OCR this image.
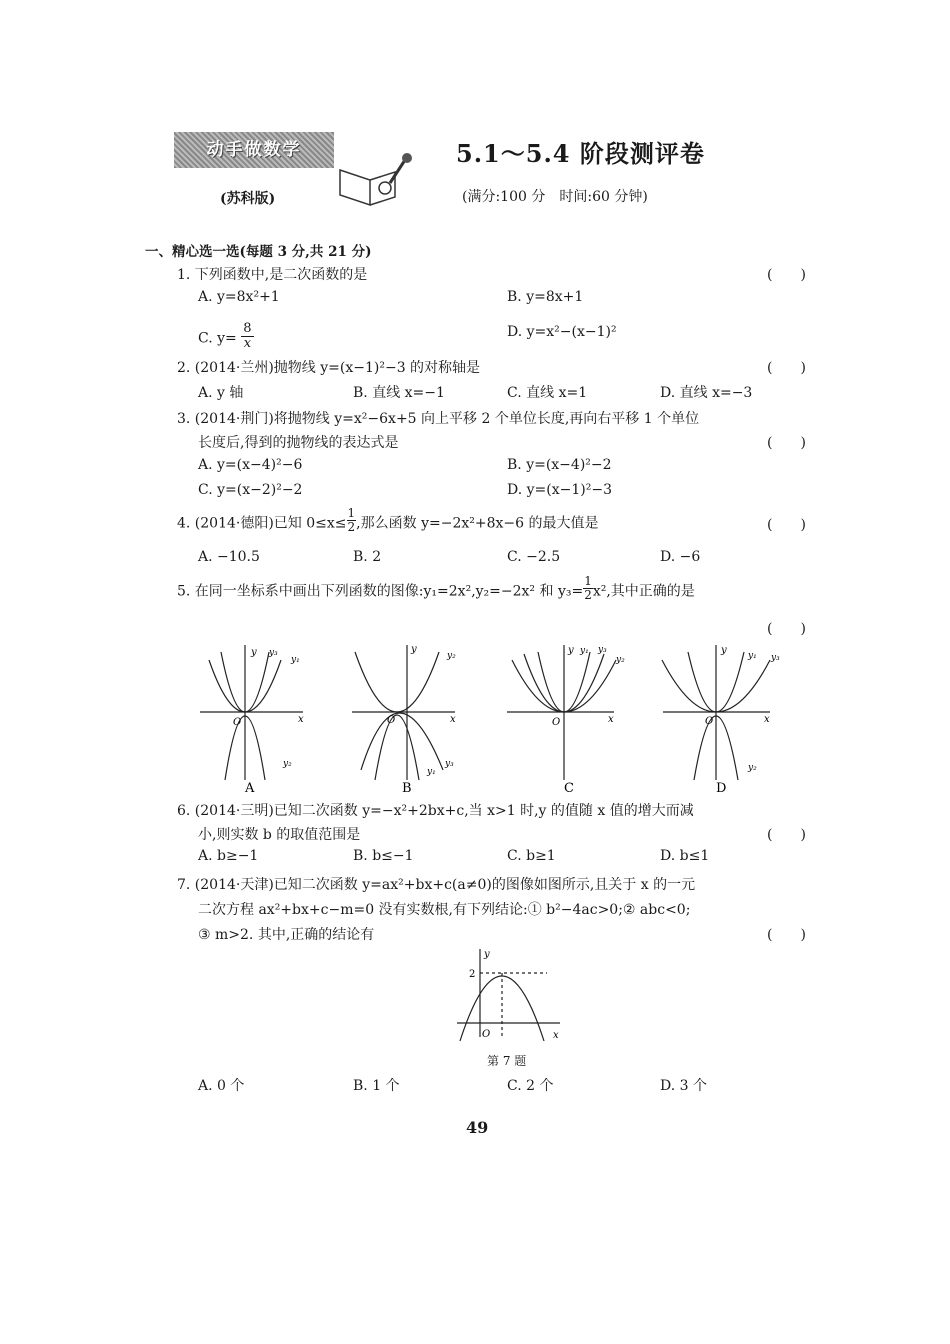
动手做数学
(苏科版)
5.1～5.4 阶段测评卷
(满分:100 分　时间:60 分钟)
一、精心选一选(每题 3 分,共 21 分)
1. 下列函数中,是二次函数的是	(　　)
A. y=8x²+1	B. y=8x+1
C. $y= \frac{8}{x}$	D. y=x²−(x−1)²
2. (2014·兰州)抛物线 y=(x−1)²−3 的对称轴是	(　　)
A. y 轴	B. 直线 x=−1	C. 直线 x=1	D. 直线 x=−3
3. (2014·荆门)将抛物线 y=x²−6x+5 向上平移 2 个单位长度,再向右平移 1 个单位
长度后,得到的抛物线的表达式是	(　　)
A. y=(x−4)²−6	B. y=(x−4)²−2
C. y=(x−2)²−2	D. y=(x−1)²−3
4. (2014·德阳)已知 $0\le x\le \frac{1}{2}$ ,那么函数 y=−2x²+8x−6 的最大值是	(　　)
A. −10.5	B. 2	C. −2.5	D. −6
5. 在同一坐标系中画出下列函数的图像:y₁=2x²,y₂=−2x² 和 $y_3= \frac{1}{2} x^2$,其中正确的是
(　　)
x
y
O
y₁
y₃
y₂
A
x
y
O
y₂
y₁
y₃
B
x
y
O
y₁ y₃
y₂
C
x
y
O
y₁ y₃
y₂
D
6. (2014·三明)已知二次函数 y=−x²+2bx+c,当 x>1 时,y 的值随 x 值的增大而减
小,则实数 b 的取值范围是	(　　)
A. b≥−1	B. b≤−1	C. b≥1	D. b≤1
7. (2014·天津)已知二次函数 y=ax²+bx+c(a≠0)的图像如图所示,且关于 x 的一元
二次方程 ax²+bx+c−m=0 没有实数根,有下列结论:① b²−4ac>0;② abc<0;
③ m>2. 其中,正确的结论有	(　　)
y
x
O
2
第 7 题
A. 0 个	B. 1 个	C. 2 个	D. 3 个
49
